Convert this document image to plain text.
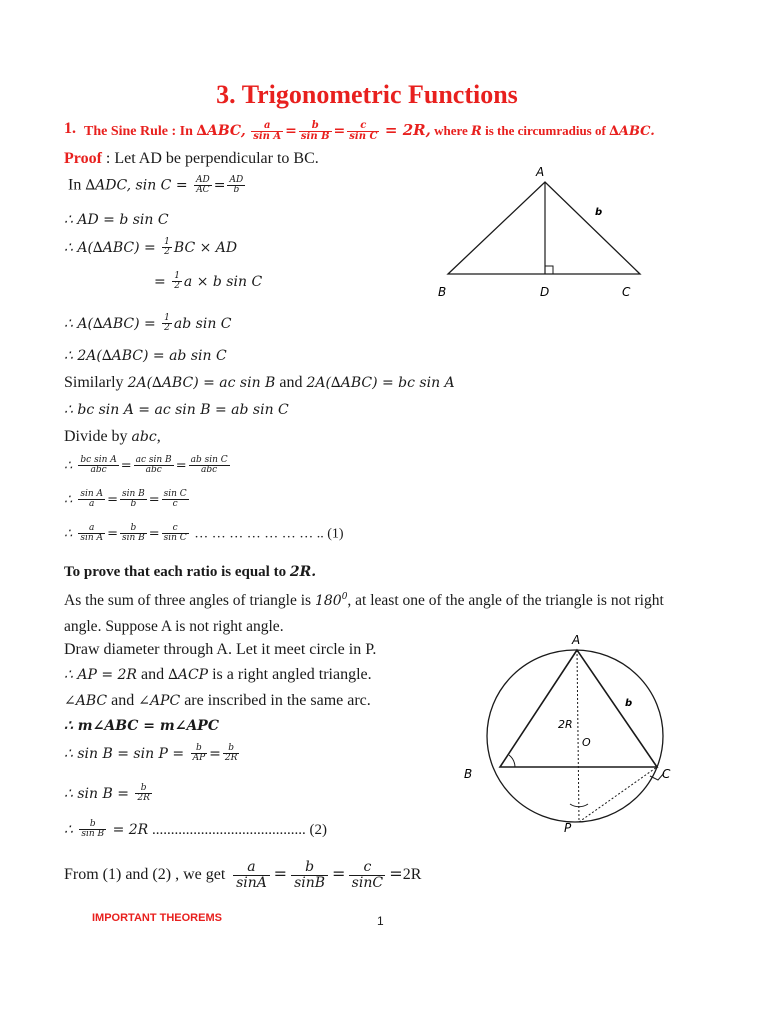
3. Trigonometric Functions
1. The Sine Rule : In ∆ABC, $\frac{a}{\text{sin A}} = \frac{b}{\text{sin B}} = \frac{c}{\text{sin C}} = 2R$, where R is the circumradius of ∆ABC.
Proof : Let AD be perpendicular to BC.
In ∆ADC, $\sin C = \frac{AD}{AC} = \frac{AD}{b}$
∴ AD = b sin C
∴ $A(\Delta ABC) = \frac{1}{2}$ BC × AD
= $\frac{1}{2}$ a × b sin C
∴ $A(\Delta ABC) = \frac{1}{2}$ ab sin C
∴ 2A(∆ABC) = ab sin C
Similarly 2A(∆ABC) = ac sin B and 2A(∆ABC) = bc sin A
∴ bc sin A = ac sin B = ab sin C
Divide by abc,
∴ $\frac{\text{bc sin A}}{\text{abc}} = \frac{\text{ac sin B}}{\text{abc}} = \frac{\text{ab sin C}}{\text{abc}}$
∴ $\frac{\text{sin A}}{a} = \frac{\text{sin B}}{b} = \frac{\text{sin C}}{c}$
∴ $\frac{a}{\text{sin A}} = \frac{b}{\text{sin B}} = \frac{c}{\text{sin C}}$ … … … … … … … .. (1)
To prove that each ratio is equal to 2R.
As the sum of three angles of triangle is $180^0$, at least one of the angle of the triangle is not right
angle. Suppose A is not right angle.
Draw diameter through A. Let it meet circle in P.
∴ AP = 2R and ∆ACP is a right angled triangle.
∠ABC and ∠APC are inscribed in the same arc.
∴ m∠ABC = m∠APC
∴ $\sin B = \sin P = \frac{b}{AP} = \frac{b}{2R}$
∴ $\sin B = \frac{b}{2R}$
∴ $\frac{b}{\text{sin B}} = 2R$ ......................................... (2)
From (1) and (2) , we get $\frac{a}{\sin A} = \frac{b}{\sin B} = \frac{c}{\sin C} =2R$
A
b
B	D	C
A
b
2R
O
B	C
P
IMPORTANT THEOREMS	1
